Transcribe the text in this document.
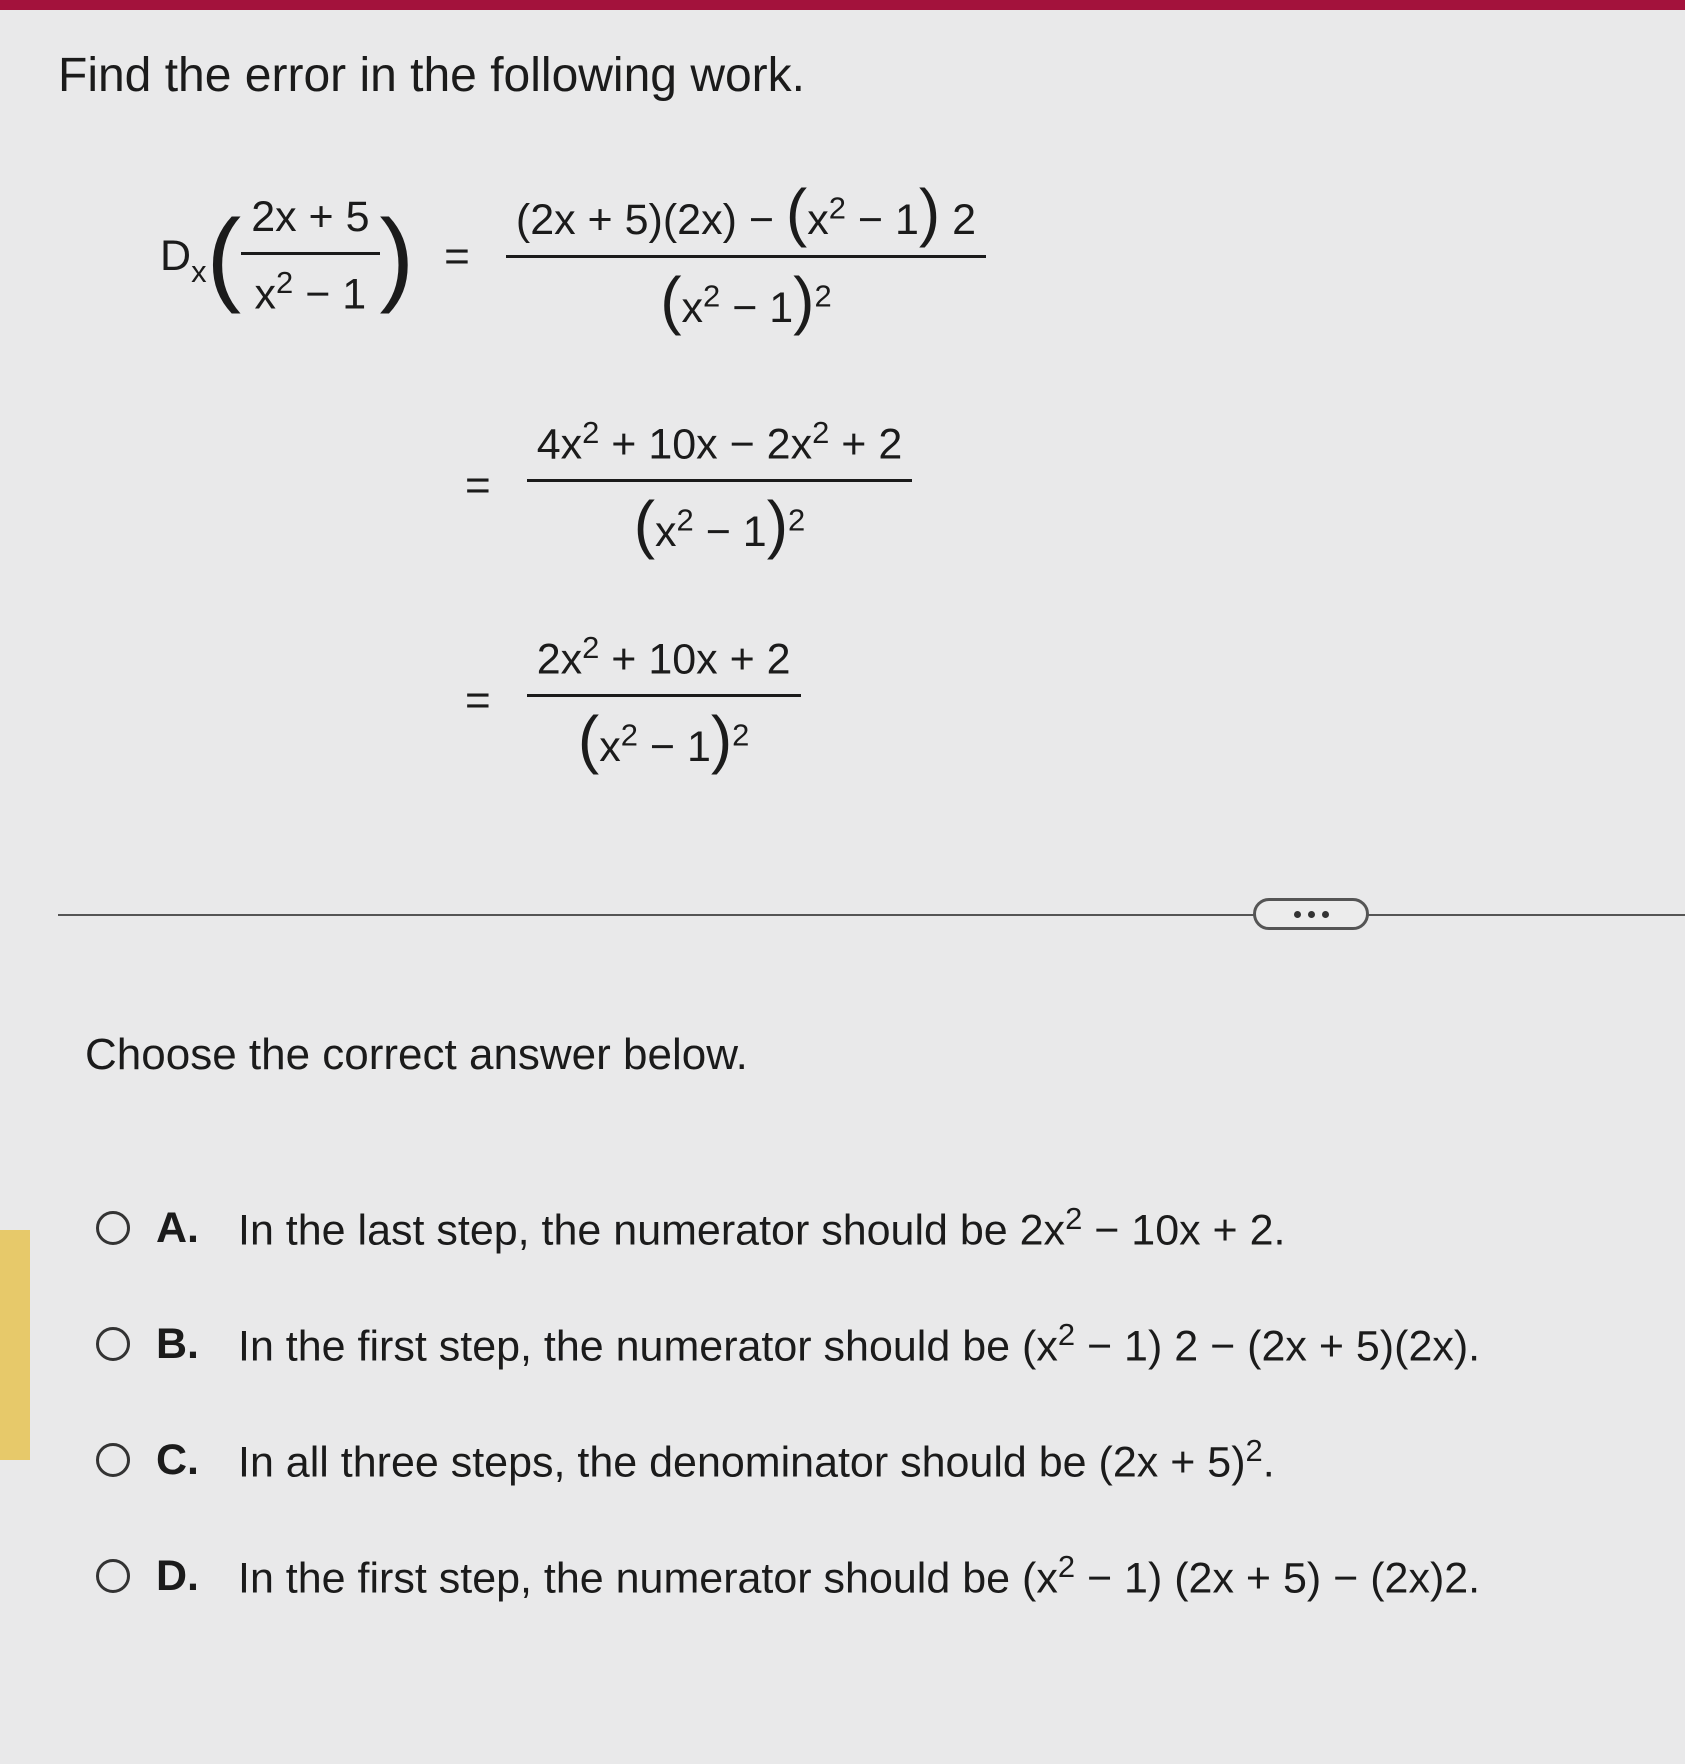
Find the error in the following work.
$D_x$ ( $\frac{2x + 5}{x^2 - 1}$ ) = $\frac{(2x + 5)(2x) - (x^2 - 1) 2}{(x^2 - 1)^2}$
= $\frac{4x^2 + 10x - 2x^2 + 2}{(x^2 - 1)^2}$
= $\frac{2x^2 + 10x + 2}{(x^2 - 1)^2}$
Choose the correct answer below.
A. In the last step, the numerator should be $2x^2 - 10x + 2$.
B. In the first step, the numerator should be $(x^2 - 1) 2 - (2x + 5)(2x)$.
C. In all three steps, the denominator should be $(2x + 5)^2$.
D. In the first step, the numerator should be $(x^2 - 1) (2x + 5) - (2x)2$.
